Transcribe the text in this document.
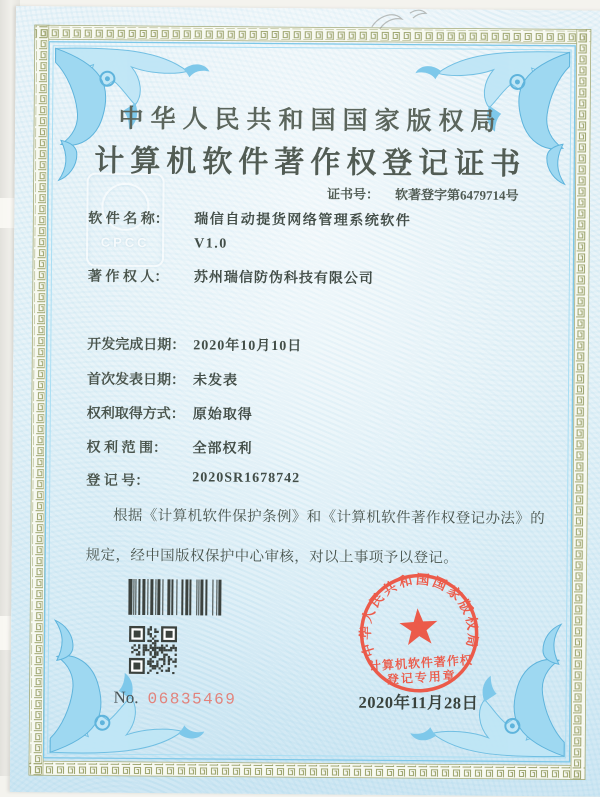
CPCC
中华人民共和国国家版权局
计算机软件著作权登记证书
证书号： 软著登字第6479714号
软 件 名 称： 瑞信自动提货网络管理系统软件
V1.0
著 作 权 人： 苏州瑞信防伪科技有限公司
开发完成日期： 2020年10月10日
首次发表日期： 未发表
权利取得方式： 原始取得
权 利 范 围： 全部权利
登 记 号：	2020SR1678742
根据《计算机软件保护条例》和《计算机软件著作权登记办法》的
规定，经中国版权保护中心审核，对以上事项予以登记。
No. 06835469
中华人民共和国国家版权局
计算机软件著作权
登记专用章
2020年11月28日
